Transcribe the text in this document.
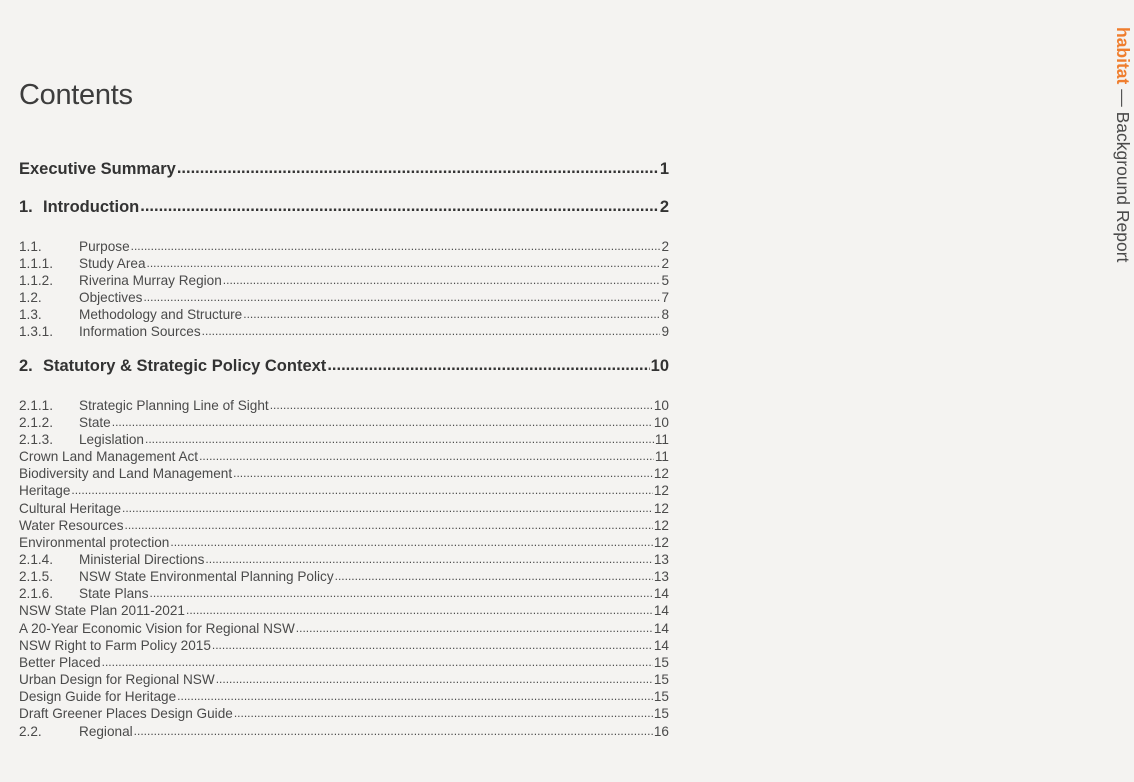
Contents
Executive Summary .....	1
1. Introduction .....	2
1.1.	Purpose .....	2
1.1.1.	Study Area .....	2
1.1.2.	Riverina Murray Region .....	5
1.2.	Objectives .....	7
1.3.	Methodology and Structure .....	8
1.3.1.	Information Sources .....	9
2. Statutory & Strategic Policy Context .....	10
2.1.1.	Strategic Planning Line of Sight .....	10
2.1.2.	State .....	10
2.1.3.	Legislation .....	11
Crown Land Management Act .....	11
Biodiversity and Land Management .....	12
Heritage .....	12
Cultural Heritage .....	12
Water Resources .....	12
Environmental protection .....	12
2.1.4.	Ministerial Directions .....	13
2.1.5.	NSW State Environmental Planning Policy .....	13
2.1.6.	State Plans .....	14
NSW State Plan 2011-2021 .....	14
A 20-Year Economic Vision for Regional NSW .....	14
NSW Right to Farm Policy 2015 .....	14
Better Placed .....	15
Urban Design for Regional NSW .....	15
Design Guide for Heritage .....	15
Draft Greener Places Design Guide .....	15
2.2.	Regional .....	16
habitat — Background Report
